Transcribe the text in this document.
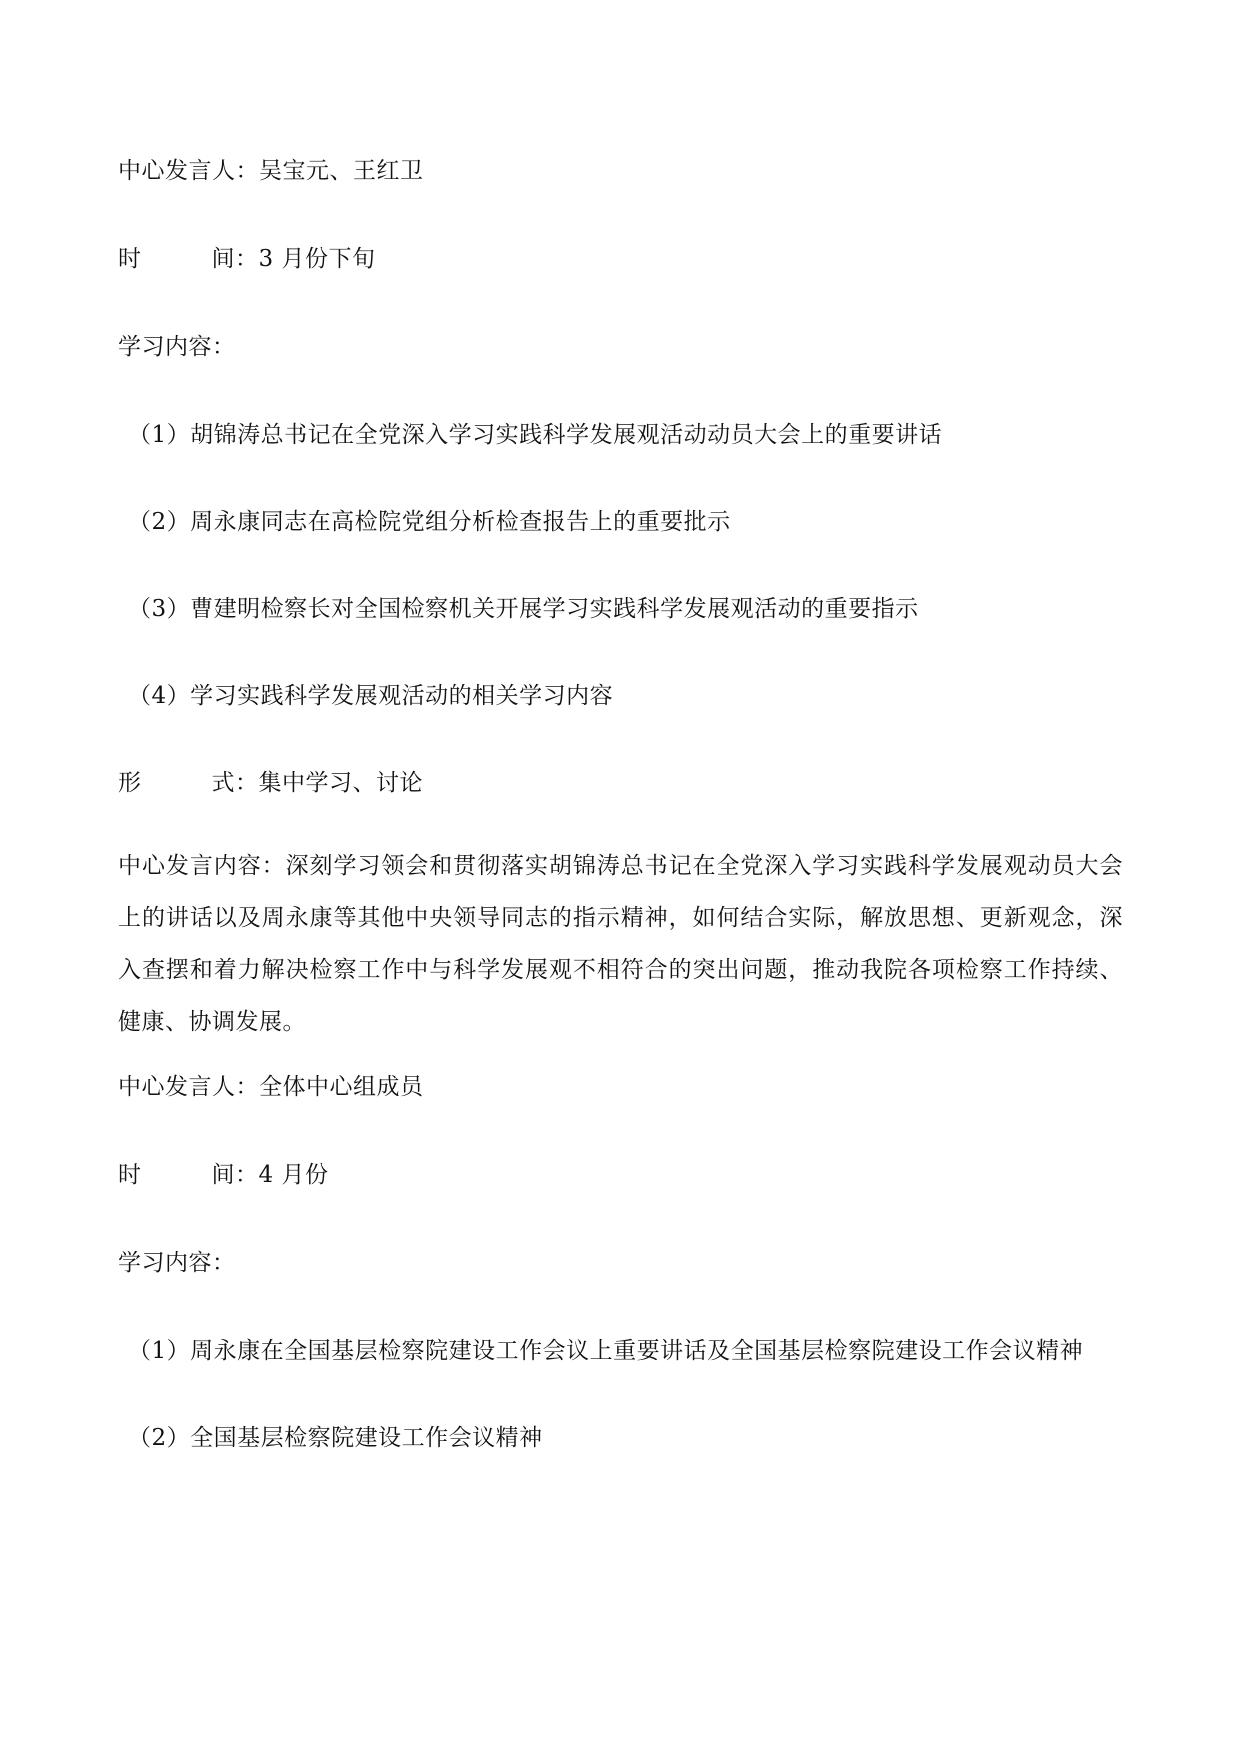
中心发言人：吴宝元、王红卫
时	间：3 月份下旬
学习内容：
（1）胡锦涛总书记在全党深入学习实践科学发展观活动动员大会上的重要讲话
（2）周永康同志在高检院党组分析检查报告上的重要批示
（3）曹建明检察长对全国检察机关开展学习实践科学发展观活动的重要指示
（4）学习实践科学发展观活动的相关学习内容
形	式：集中学习、讨论
中心发言内容：深刻学习领会和贯彻落实胡锦涛总书记在全党深入学习实践科学发展观动员大会上的讲话以及周永康等其他中央领导同志的指示精神，如何结合实际，解放思想、更新观念，深入查摆和着力解决检察工作中与科学发展观不相符合的突出问题，推动我院各项检察工作持续、健康、协调发展。
中心发言人：全体中心组成员
时	间：4 月份
学习内容：
（1）周永康在全国基层检察院建设工作会议上重要讲话及全国基层检察院建设工作会议精神
（2）全国基层检察院建设工作会议精神
